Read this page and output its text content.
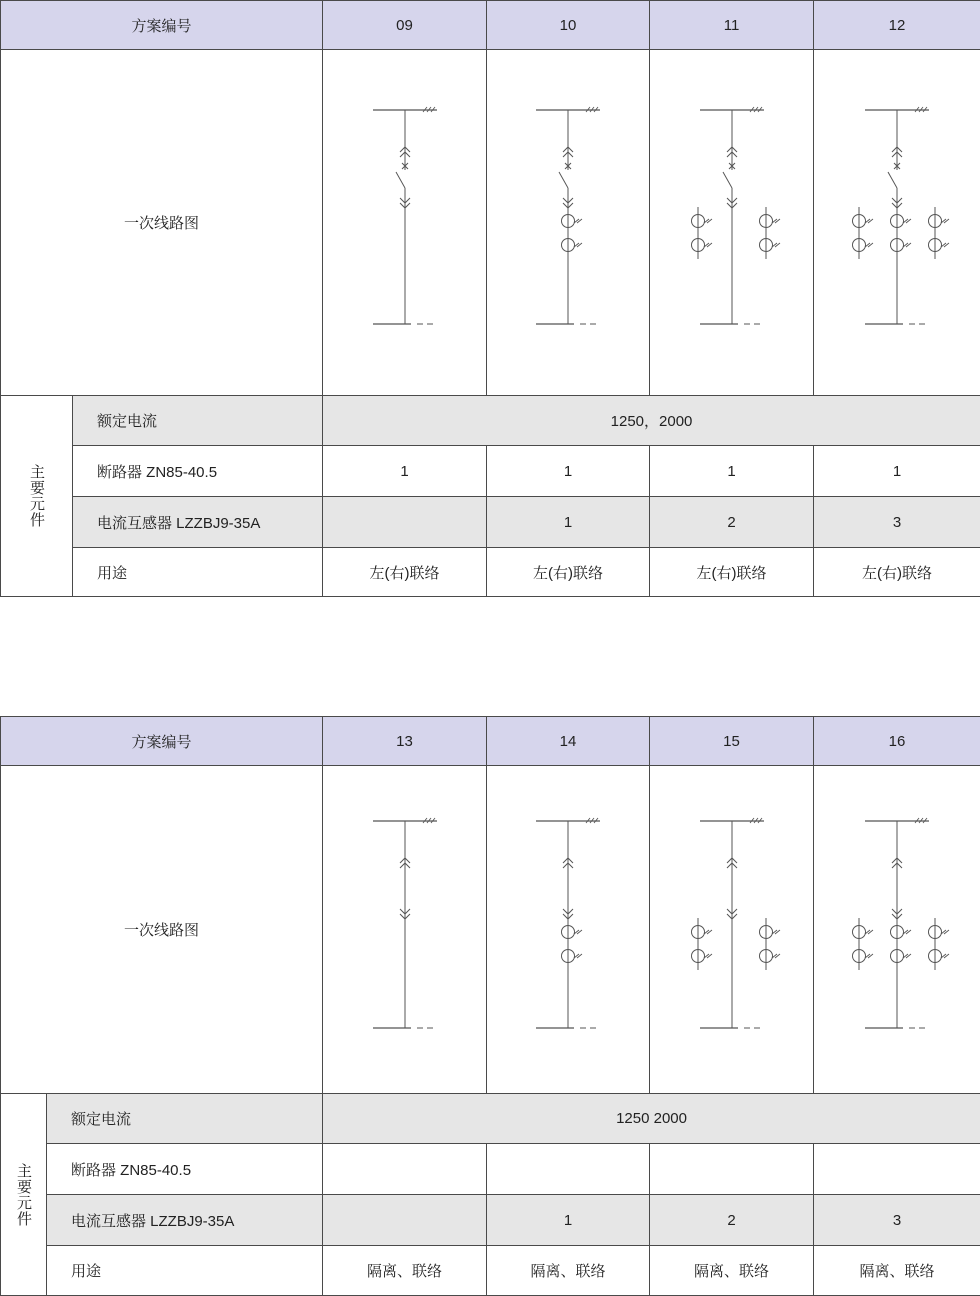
方案编号		09	10	11	12
一次线路图	

主要元件	额定电流	1250，2000			
	断路器 ZN85-40.5	1	1	1	1
	电流互感器 LZZBJ9-35A		1	2	3
	用途	左(右)联络	左(右)联络	左(右)联络	左(右)联络
方案编号		13	14	15	16
一次线路图	

主要元件	额定电流	1250 2000			
	断路器 ZN85-40.5				
	电流互感器 LZZBJ9-35A		1	2	3
	用途	隔离、联络	隔离、联络	隔离、联络	隔离、联络
